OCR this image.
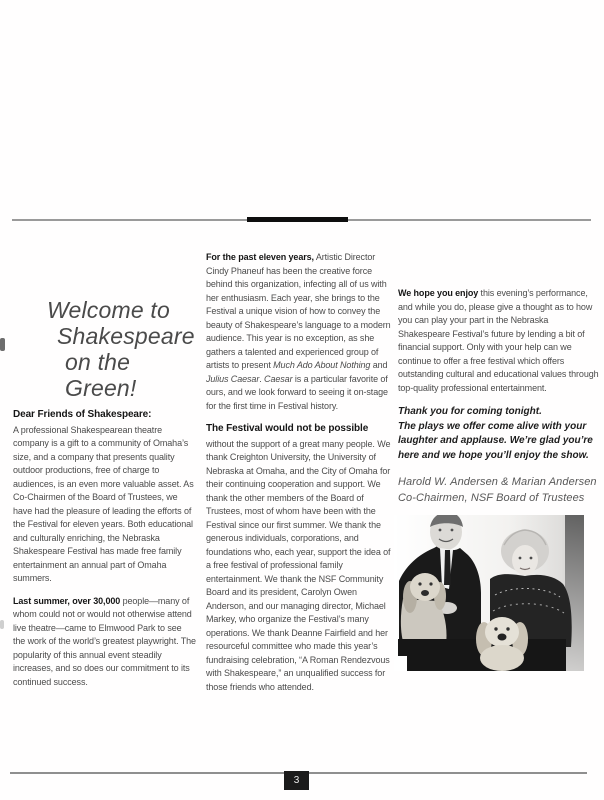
Welcome to
Shakespeare
on the Green!
Dear Friends of Shakespeare:

A professional Shakespearean theatre company is a gift to a community of Omaha’s size, and a company that presents quality outdoor productions, free of charge to audiences, is an even more valuable asset. As Co-Chairmen of the Board of Trustees, we have had the pleasure of leading the efforts of the Festival for eleven years. Both educational and culturally enriching, the Nebraska Shakespeare Festival has made free family entertainment an annual part of Omaha summers.

Last summer, over 30,000 people—many of whom could not or would not otherwise attend live theatre—came to Elmwood Park to see the work of the world’s greatest playwright. The popularity of this annual event steadily increases, and so does our commitment to its continued success.

For the past eleven years, Artistic Director Cindy Phaneuf has been the creative force behind this organization, infecting all of us with her enthusiasm. Each year, she brings to the Festival a unique vision of how to convey the beauty of Shakespeare’s language to a modern audience. This year is no exception, as she gathers a talented and experienced group of artists to present Much Ado About Nothing and Julius Caesar. Caesar is a particular favorite of ours, and we look forward to seeing it on-stage for the first time in Festival history.

The Festival would not be possible

without the support of a great many people. We thank Creighton University, the University of Nebraska at Omaha, and the City of Omaha for their continuing cooperation and support. We thank the other members of the Board of Trustees, most of whom have been with the Festival since our first summer. We thank the generous individuals, corporations, and foundations who, each year, support the idea of a free festival of professional family entertainment. We thank the NSF Community Board and its president, Carolyn Owen Anderson, and our managing director, Michael Markey, who organize the Festival’s many operations. We thank Deanne Fairfield and her resourceful committee who made this year’s fundraising celebration, “A Roman Rendezvous with Shakespeare,” an unqualified success for those friends who attended.

We hope you enjoy this evening’s performance, and while you do, please give a thought as to how you can play your part in the Nebraska Shakespeare Festival’s future by lending a bit of financial support. Only with your help can we continue to offer a free festival which offers outstanding cultural and educational values through top-quality professional entertainment.

Thank you for coming tonight.
The plays we offer come alive with your laughter and applause. We’re glad you’re here and we hope you’ll enjoy the show.
Harold W. Andersen & Marian Andersen
Co-Chairmen, NSF Board of Trustees
3
